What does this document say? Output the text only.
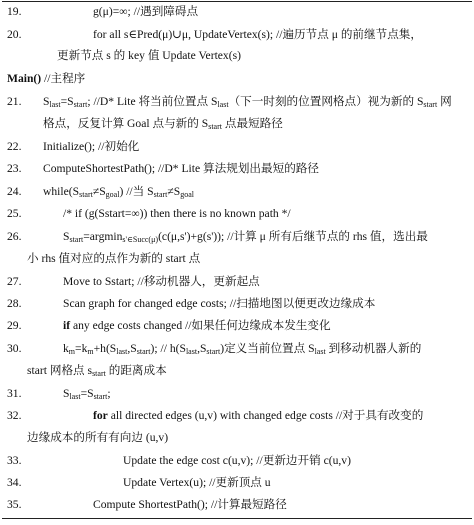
19.	g(μ)=∞; //遇到障碍点
20.	for all s∈Pred(μ)∪μ, UpdateVertex(s); //遍历节点 μ 的前继节点集，
更新节点 s 的 key 值 Update Vertex(s)
Main() //主程序
21. $S_{last}=S_{start}$; //D* Lite 将当前位置点 $S_{last}$（下一时刻的位置网格点）视为新的 $S_{start}$ 网
格点，反复计算 Goal 点与新的 $S_{start}$ 点最短路径
22. Initialize(); //初始化
23. ComputeShortestPath(); //D* Lite 算法规划出最短的路径
24. $while(S_{start}\ne S_{goal})$ //当 $S_{start}\ne S_{goal}$
25.	/* if (g(Sstart=∞)) then there is no known path */
26.	$S_{start}=argmin_{s'\in Succ(\mu)}(c(\mu,s')+g(s'))$; //计算 μ 所有后继节点的 rhs 值，选出最
小 rhs 值对应的点作为新的 start 点
27.	Move to Sstart; //移动机器人，更新起点
28.	Scan graph for changed edge costs; //扫描地图以便更改边缘成本
29.	if any edge costs changed //如果任何边缘成本发生变化
30.	$k_m=k_m+h(S_{last},S_{start})$; // $h(S_{last},S_{start})$定义当前位置点 $S_{last}$ 到移动机器人新的
start 网格点 $s_{start}$ 的距离成本
31.	$S_{last}=S_{start}$;
32.	for all directed edges (u,v) with changed edge costs //对于具有改变的
边缘成本的所有有向边 (u,v)
33.	Update the edge cost c(u,v); //更新边开销 c(u,v)
34.	Update Vertex(u); //更新顶点 u
35.	Compute ShortestPath(); //计算最短路径
